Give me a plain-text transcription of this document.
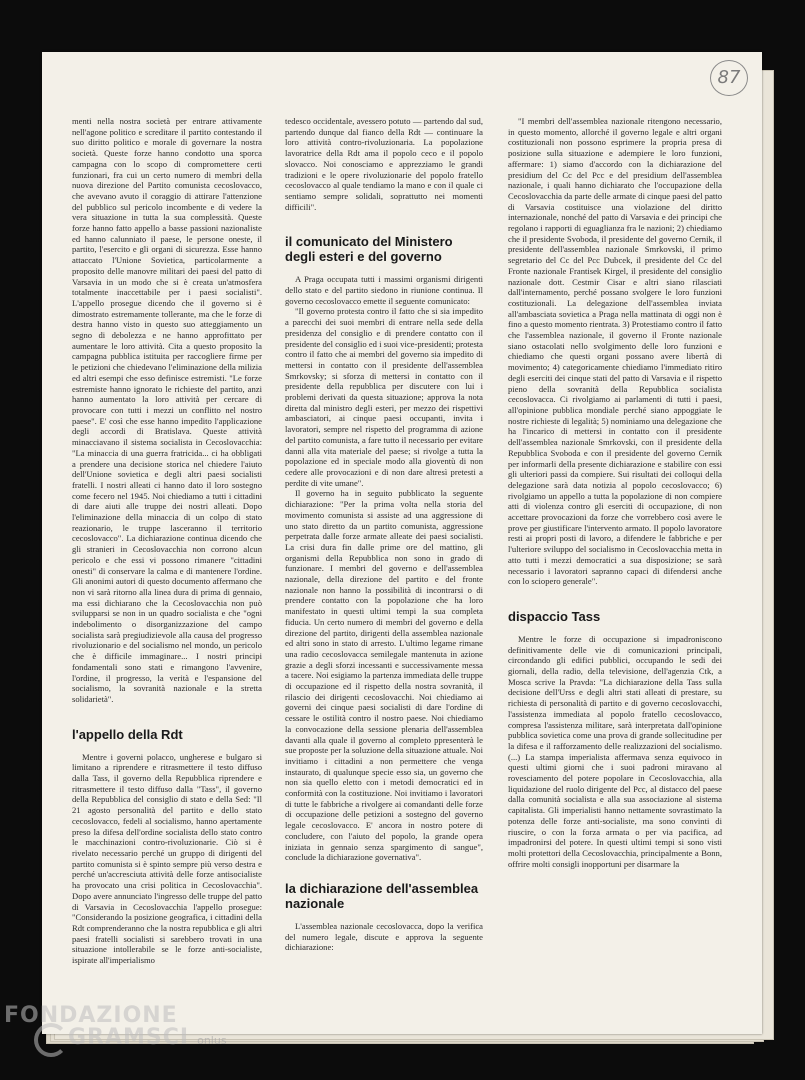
87

menti nella nostra società per entrare attivamente nell'agone politico e screditare il partito contestando il suo diritto politico e morale di governare la nostra società. Queste forze hanno condotto una sporca campagna con lo scopo di compromettere certi funzionari, fra cui un certo numero di membri della nuova direzione del Partito comunista cecoslovacco, che avevano avuto il coraggio di attirare l'attenzione del pubblico sul pericolo incombente e di vedere la vera situazione in tutta la sua complessità. Queste forze hanno fatto appello a basse passioni nazionaliste ed hanno calunniato il paese, le persone oneste, il partito, l'esercito e gli organi di sicurezza. Esse hanno attaccato l'Unione Sovietica, particolarmente a proposito delle manovre militari dei paesi del patto di Varsavia in un modo che si è creata un'atmosfera totalmente inaccettabile per i paesi socialisti". L'appello prosegue dicendo che il governo si è dimostrato estremamente tollerante, ma che le forze di destra hanno visto in questo suo atteggiamento un segno di debolezza e ne hanno approfittato per aumentare le loro attività. Cita a questo proposito la campagna pubblica istituita per raccogliere firme per le petizioni che chiedevano l'eliminazione della milizia ed altri esempi che esso definisce estremisti. "Le forze estremiste hanno ignorato le richieste del partito, anzi hanno aumentato la loro attività per cercare di provocare con tutti i mezzi un conflitto nel nostro paese". E' così che esse hanno impedito l'applicazione degli accordi di Bratislava. Queste attività minacciavano il sistema socialista in Cecoslovacchia: "La minaccia di una guerra fratricida... ci ha obbligati a prendere una decisione storica nel chiedere l'aiuto dell'Unione sovietica e degli altri paesi socialisti fratelli. I nostri alleati ci hanno dato il loro sostegno come fecero nel 1945. Noi chiediamo a tutti i cittadini di dare aiuti alle truppe dei nostri alleati. Dopo l'eliminazione della minaccia di un colpo di stato reazionario, le truppe lasceranno il territorio cecoslovacco". La dichiarazione continua dicendo che gli stranieri in Cecoslovacchia non corrono alcun pericolo e che essi vi possono rimanere "cittadini onesti" di conservare la calma e di mantenere l'ordine. Gli anonimi autori di questo documento affermano che non vi sarà ritorno alla linea dura di prima di gennaio, ma essi dichiarano che la Cecoslovacchia non può svilupparsi se non in un quadro socialista e che "ogni indebolimento o disorganizzazione del campo socialista sarà pregiudizievole alla causa del progresso rivoluzionario e del socialismo nel mondo, un pericolo che è difficile immaginare... I nostri principi fondamentali sono stati e rimangono l'avvenire, l'ordine, il progresso, la verità e l'espansione del socialismo, la sovranità nazionale e la stretta solidarietà".

l'appello della Rdt

Mentre i governi polacco, ungherese e bulgaro si limitano a riprendere e ritrasmettere il testo diffuso dalla Tass, il governo della Repubblica riprendere e ritrasmettere il testo diffuso dalla "Tass", il governo della Repubblica del consiglio di stato e della Sed: "Il 21 agosto personalità del partito e dello stato cecoslovacco, fedeli al socialismo, hanno apertamente preso la difesa dell'ordine socialista dello stato contro le macchinazioni contro-rivoluzionarie. Ciò si è rivelato necessario perché un gruppo di dirigenti del partito comunista si è spinto sempre più verso destra e perché un'accresciuta attività delle forze antisocialiste ha provocato una crisi politica in Cecoslovacchia". Dopo avere annunciato l'ingresso delle truppe del patto di Varsavia in Cecoslovacchia l'appello prosegue: "Considerando la posizione geografica, i cittadini della Rdt comprenderanno che la nostra repubblica e gli altri paesi fratelli socialisti si sarebbero trovati in una situazione intollerabile se le forze anti-socialiste, ispirate all'imperialismo

tedesco occidentale, avessero potuto — partendo dal sud, partendo dunque dal fianco della Rdt — continuare la loro attività contro-rivoluzionaria. La popolazione lavoratrice della Rdt ama il popolo ceco e il popolo slovacco. Noi conosciamo e apprezziamo le grandi tradizioni e le opere rivoluzionarie del popolo fratello cecoslovacco al quale tendiamo la mano e con il quale ci sentiamo sempre solidali, soprattutto nei momenti difficili".

il comunicato del Ministero degli esteri e del governo

A Praga occupata tutti i massimi organismi dirigenti dello stato e del partito siedono in riunione continua. Il governo cecoslovacco emette il seguente comunicato:

"Il governo protesta contro il fatto che si sia impedito a parecchi dei suoi membri di entrare nella sede della presidenza del consiglio e di prendere contatto con il presidente del consiglio ed i suoi vice-presidenti; protesta contro il fatto che ai membri del governo sia impedito di mettersi in contatto con il presidente dell'assemblea Smrkovsky; si sforza di mettersi in contatto con il presidente della repubblica per discutere con lui i problemi derivati da questa situazione; approva la nota diretta dal ministro degli esteri, per mezzo dei rispettivi ambasciatori, ai cinque paesi occupanti, invita i lavoratori, sempre nel rispetto del programma di azione del partito comunista, a fare tutto il necessario per evitare danni alla vita materiale del paese; si rivolge a tutta la popolazione ed in speciale modo alla gioventù di non cedere alle provocazioni e di non dare altresì pretesti a perdite di vite umane".

Il governo ha in seguito pubblicato la seguente dichiarazione: "Per la prima volta nella storia del movimento comunista si assiste ad una aggressione di uno stato diretto da un partito comunista, aggressione perpetrata dalle forze armate alleate dei paesi socialisti. La crisi dura fin dalle prime ore del mattino, gli organismi della Repubblica non sono in grado di funzionare. I membri del governo e dell'assemblea nazionale, della direzione del partito e del fronte nazionale non hanno la possibilità di incontrarsi o di prendere contatto con la popolazione che ha loro manifestato in questi ultimi tempi la sua completa fiducia. Un certo numero di membri del governo e della direzione del partito, dirigenti della assemblea nazionale ed altri sono in stato di arresto. L'ultimo legame rimane una radio cecoslovacca semilegale mantenuta in azione grazie a degli sforzi incessanti e successivamente messa a tacere. Noi esigiamo la partenza immediata delle truppe di occupazione ed il rispetto della nostra sovranità, il rilascio dei dirigenti cecoslovacchi. Noi chiediamo ai governi dei cinque paesi socialisti di dare l'ordine di cessare le ostilità contro il nostro paese. Noi chiediamo la convocazione della sessione plenaria dell'assemblea davanti alla quale il governo al completo ppresenterà le sue proposte per la soluzione della situazione attuale. Noi invitiamo i cittadini a non permettere che venga instaurato, di qualunque specie esso sia, un governo che non sia quello eletto con i metodi democratici ed in conformità con la costituzione. Noi invitiamo i lavoratori di tutte le fabbriche a rivolgere ai comandanti delle forze di occupazione delle petizioni a sostegno del governo legale cecoslovacco. E' ancora in nostro potere di concludere, con l'aiuto del popolo, la grande opera iniziata in gennaio senza spargimento di sangue", conclude la dichiarazione governativa".

la dichiarazione dell'assemblea nazionale

L'assemblea nazionale cecoslovacca, dopo la verifica del numero legale, discute e approva la seguente dichiarazione:

"I membri dell'assemblea nazionale ritengono necessario, in questo momento, allorché il governo legale e altri organi costituzionali non possono esprimere la propria presa di posizione sulla situazione e adempiere le loro funzioni, affermare: 1) siamo d'accordo con la dichiarazione del presidium del Cc del Pcc e del presidium dell'assemblea nazionale, i quali hanno dichiarato che l'occupazione della Cecoslovacchia da parte delle armate di cinque paesi del patto di Varsavia costituisce una violazione del diritto internazionale, nonché del patto di Varsavia e dei principi che regolano i rapporti di eguaglianza fra le nazioni; 2) chiediamo che il presidente Svoboda, il presidente del governo Cernik, il presidente dell'assemblea nazionale Smrkovski, il primo segretario del Cc del Pcc Dubcek, il presidente del Cc del Fronte nazionale Frantisek Kirgel, il presidente del consiglio nazionale dott. Cestmir Cisar e altri siano rilasciati dall'internamento, perché possano svolgere le loro funzioni costituzionali. La delegazione dell'assemblea inviata all'ambasciata sovietica a Praga nella mattinata di oggi non è fino a questo momento rientrata. 3) Protestiamo contro il fatto che l'assemblea nazionale, il governo il Fronte nazionale siano ostacolati nello svolgimento delle loro funzioni e chiediamo che questi organi possano avere libertà di movimento; 4) categoricamente chiediamo l'immediato ritiro degli eserciti dei cinque stati del patto di Varsavia e il rispetto pieno della sovranità della Repubblica socialista cecoslovacca. Ci rivolgiamo ai parlamenti di tutti i paesi, all'opinione pubblica mondiale perché siano appoggiate le nostre richieste di legalità; 5) nominiamo una delegazione che ha l'incarico di mettersi in contatto con il presidente dell'assemblea nazionale Smrkovski, con il presidente della Repubblica Svoboda e con il presidente del governo Cernik per informarli della presente dichiarazione e stabilire con essi gli ulteriori passi da compiere. Sui risultati dei colloqui della delegazione sarà data notizia al popolo cecoslovacco; 6) rivolgiamo un appello a tutta la popolazione di non compiere atti di violenza contro gli eserciti di occupazione, di non accettare provocazioni da forze che vorrebbero così avere le prove per giustificare l'intervento armato. Il popolo lavoratore resti ai propri posti di lavoro, a difendere le fabbriche e per l'ulteriore sviluppo del socialismo in Cecoslovacchia metta in atto tutti i mezzi democratici a sua disposizione; se sarà necessario i lavoratori sapranno capaci di difendersi anche con lo sciopero generale".

dispaccio Tass

Mentre le forze di occupazione si impadroniscono definitivamente delle vie di comunicazioni principali, circondando gli edifici pubblici, occupando le sedi dei giornali, della radio, della televisione, dell'agenzia Ctk, a Mosca scrive la Pravda: "La dichiarazione della Tass sulla decisione dell'Urss e degli altri stati alleati di prestare, su richiesta di personalità di partito e di governo cecoslovacchi, l'assistenza immediata al popolo fratello cecoslovacco, compresa l'assistenza militare, sarà interpretata dall'opinione pubblica sovietica come una prova di grande sollecitudine per la difesa e il rafforzamento delle realizzazioni del socialismo. (...) La stampa imperialista affermava senza equivoco in questi ultimi giorni che i suoi padroni miravano al rovesciamento del potere popolare in Cecoslovacchia, alla liquidazione del ruolo dirigente del Pcc, al distacco del paese dalla comunità socialista e alla sua associazione al sistema capitalista. Gli imperialisti hanno nettamente sovrastimato la potenza delle forze anti-socialiste, ma sono convinti di riuscire, o con la forza armata o per via pacifica, ad impadronirsi del potere. In questi ultimi tempi si sono visti molti protettori della Cecoslovacchia, principalmente a Bonn, offrire molti consigli inopportuni per disarmare la

FONDAZIONE
GRAMSCI onlus
